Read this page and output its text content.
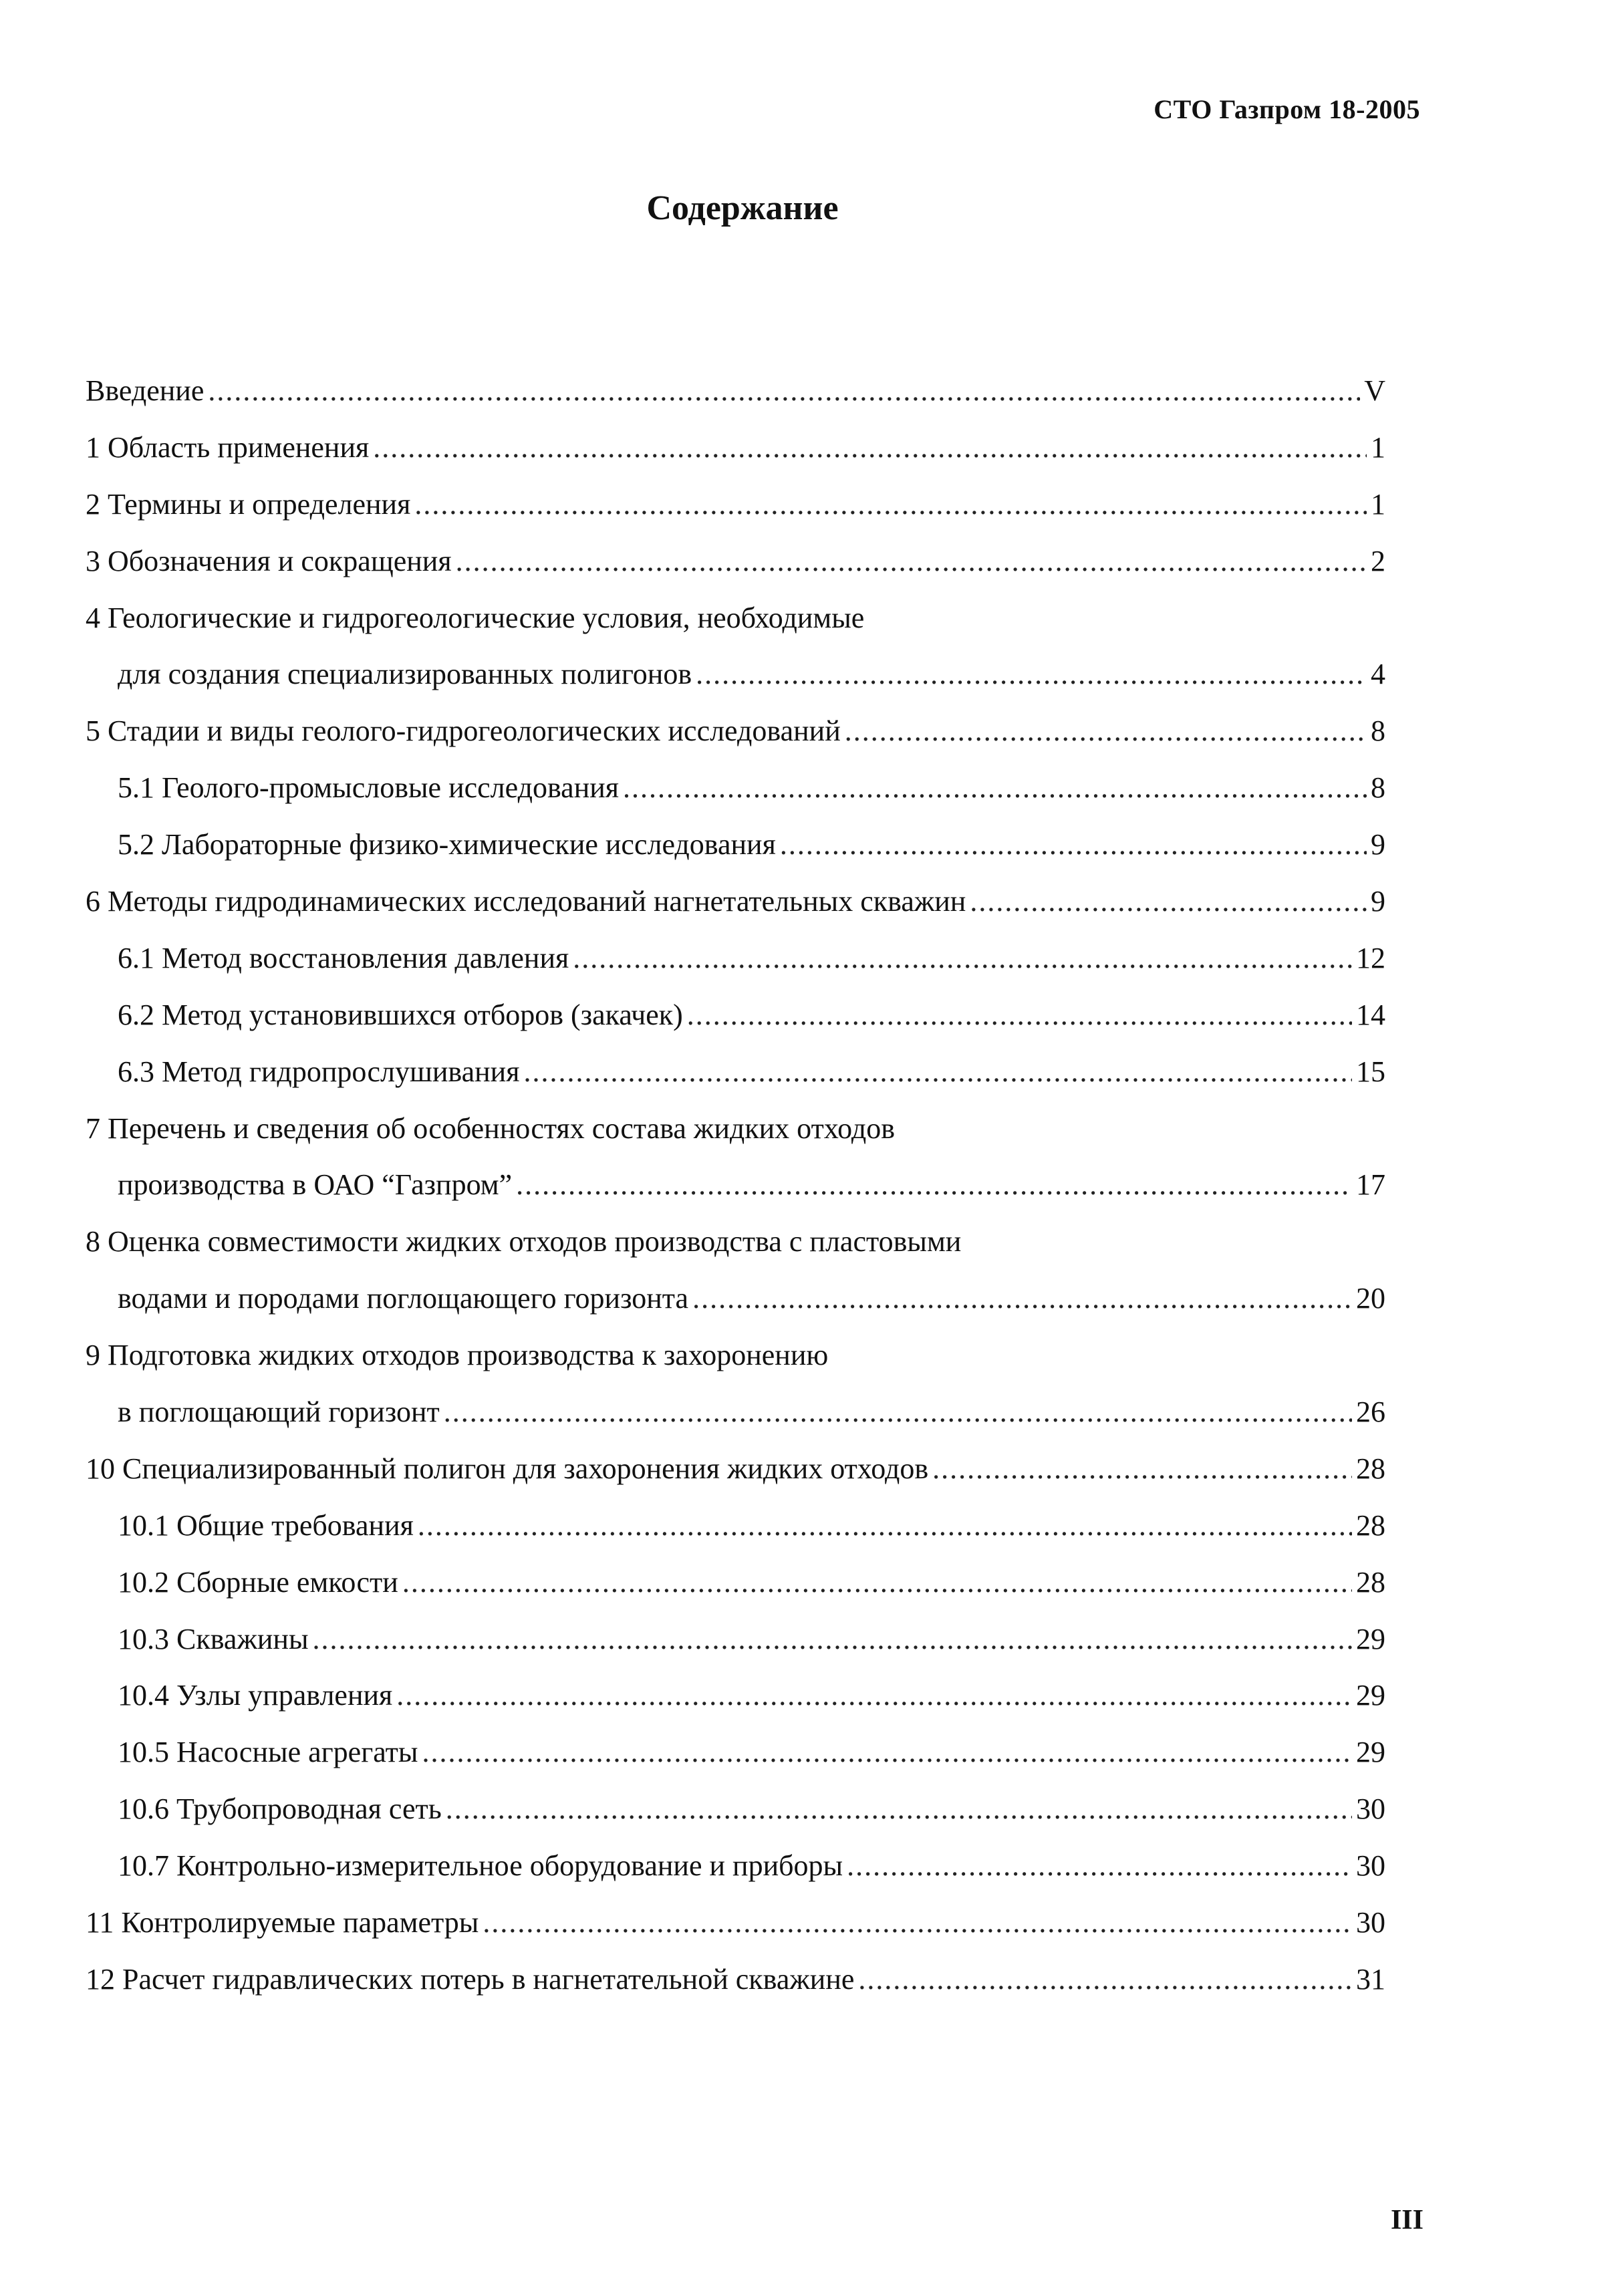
СТО Газпром 18-2005
Содержание
Введение .....	V
1 Область применения .....	1
2 Термины и определения .....	1
3 Обозначения и сокращения .....	2
4 Геологические и гидрогеологические условия, необходимые
для создания специализированных полигонов .....	4
5 Стадии и виды геолого-гидрогеологических исследований .....	8
5.1 Геолого-промысловые исследования .....	8
5.2 Лабораторные физико-химические исследования .....	9
6 Методы гидродинамических исследований нагнетательных скважин .....	9
6.1 Метод восстановления давления .....	12
6.2 Метод установившихся отборов (закачек) .....	14
6.3 Метод гидропрослушивания .....	15
7 Перечень и сведения об особенностях состава жидких отходов
производства в ОАО “Газпром” .....	17
8 Оценка совместимости жидких отходов производства с пластовыми
водами и породами поглощающего горизонта .....	20
9 Подготовка жидких отходов производства к захоронению
в поглощающий горизонт .....	26
10 Специализированный полигон для захоронения жидких отходов .....	28
10.1 Общие требования .....	28
10.2 Сборные емкости .....	28
10.3 Скважины .....	29
10.4 Узлы управления .....	29
10.5 Насосные агрегаты .....	29
10.6 Трубопроводная сеть .....	30
10.7 Контрольно-измерительное оборудование и приборы .....	30
11 Контролируемые параметры .....	30
12 Расчет гидравлических потерь в нагнетательной скважине .....	31
III
